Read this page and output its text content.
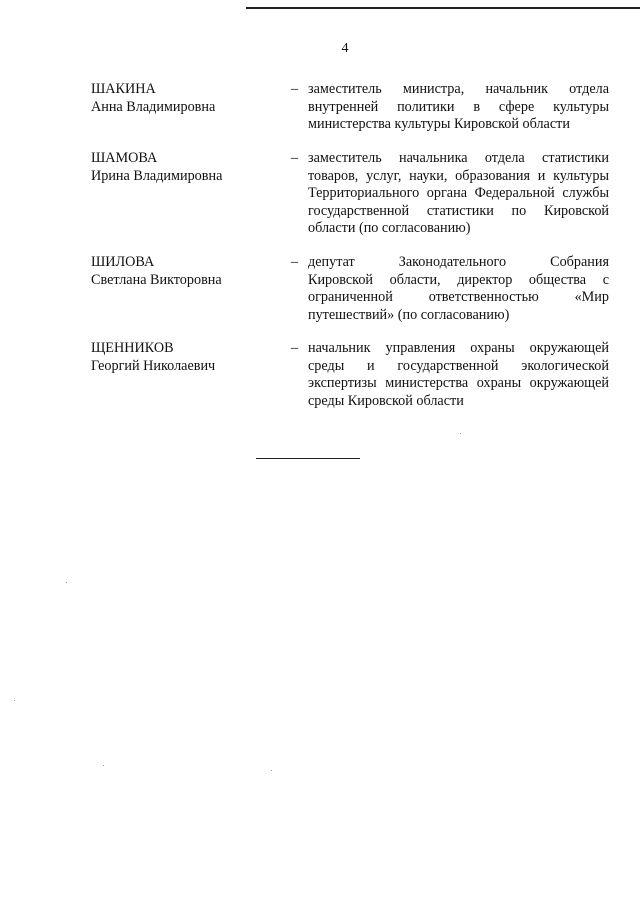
4
ШАКИНА
Анна Владимировна
– заместитель министра, начальник отдела
внутренней политики в сфере культуры
министерства культуры Кировской области
ШАМОВА
Ирина Владимировна
– заместитель начальника отдела статистики
товаров, услуг, науки, образования и культуры
Территориального органа Федеральной службы
государственной статистики по Кировской
области (по согласованию)
ШИЛОВА
Светлана Викторовна
– депутат Законодательного Собрания
Кировской области, директор общества с
ограниченной ответственностью «Мир
путешествий» (по согласованию)
ЩЕННИКОВ
Георгий Николаевич
– начальник управления охраны окружающей
среды и государственной экологической
экспертизы министерства охраны окружающей
среды Кировской области
